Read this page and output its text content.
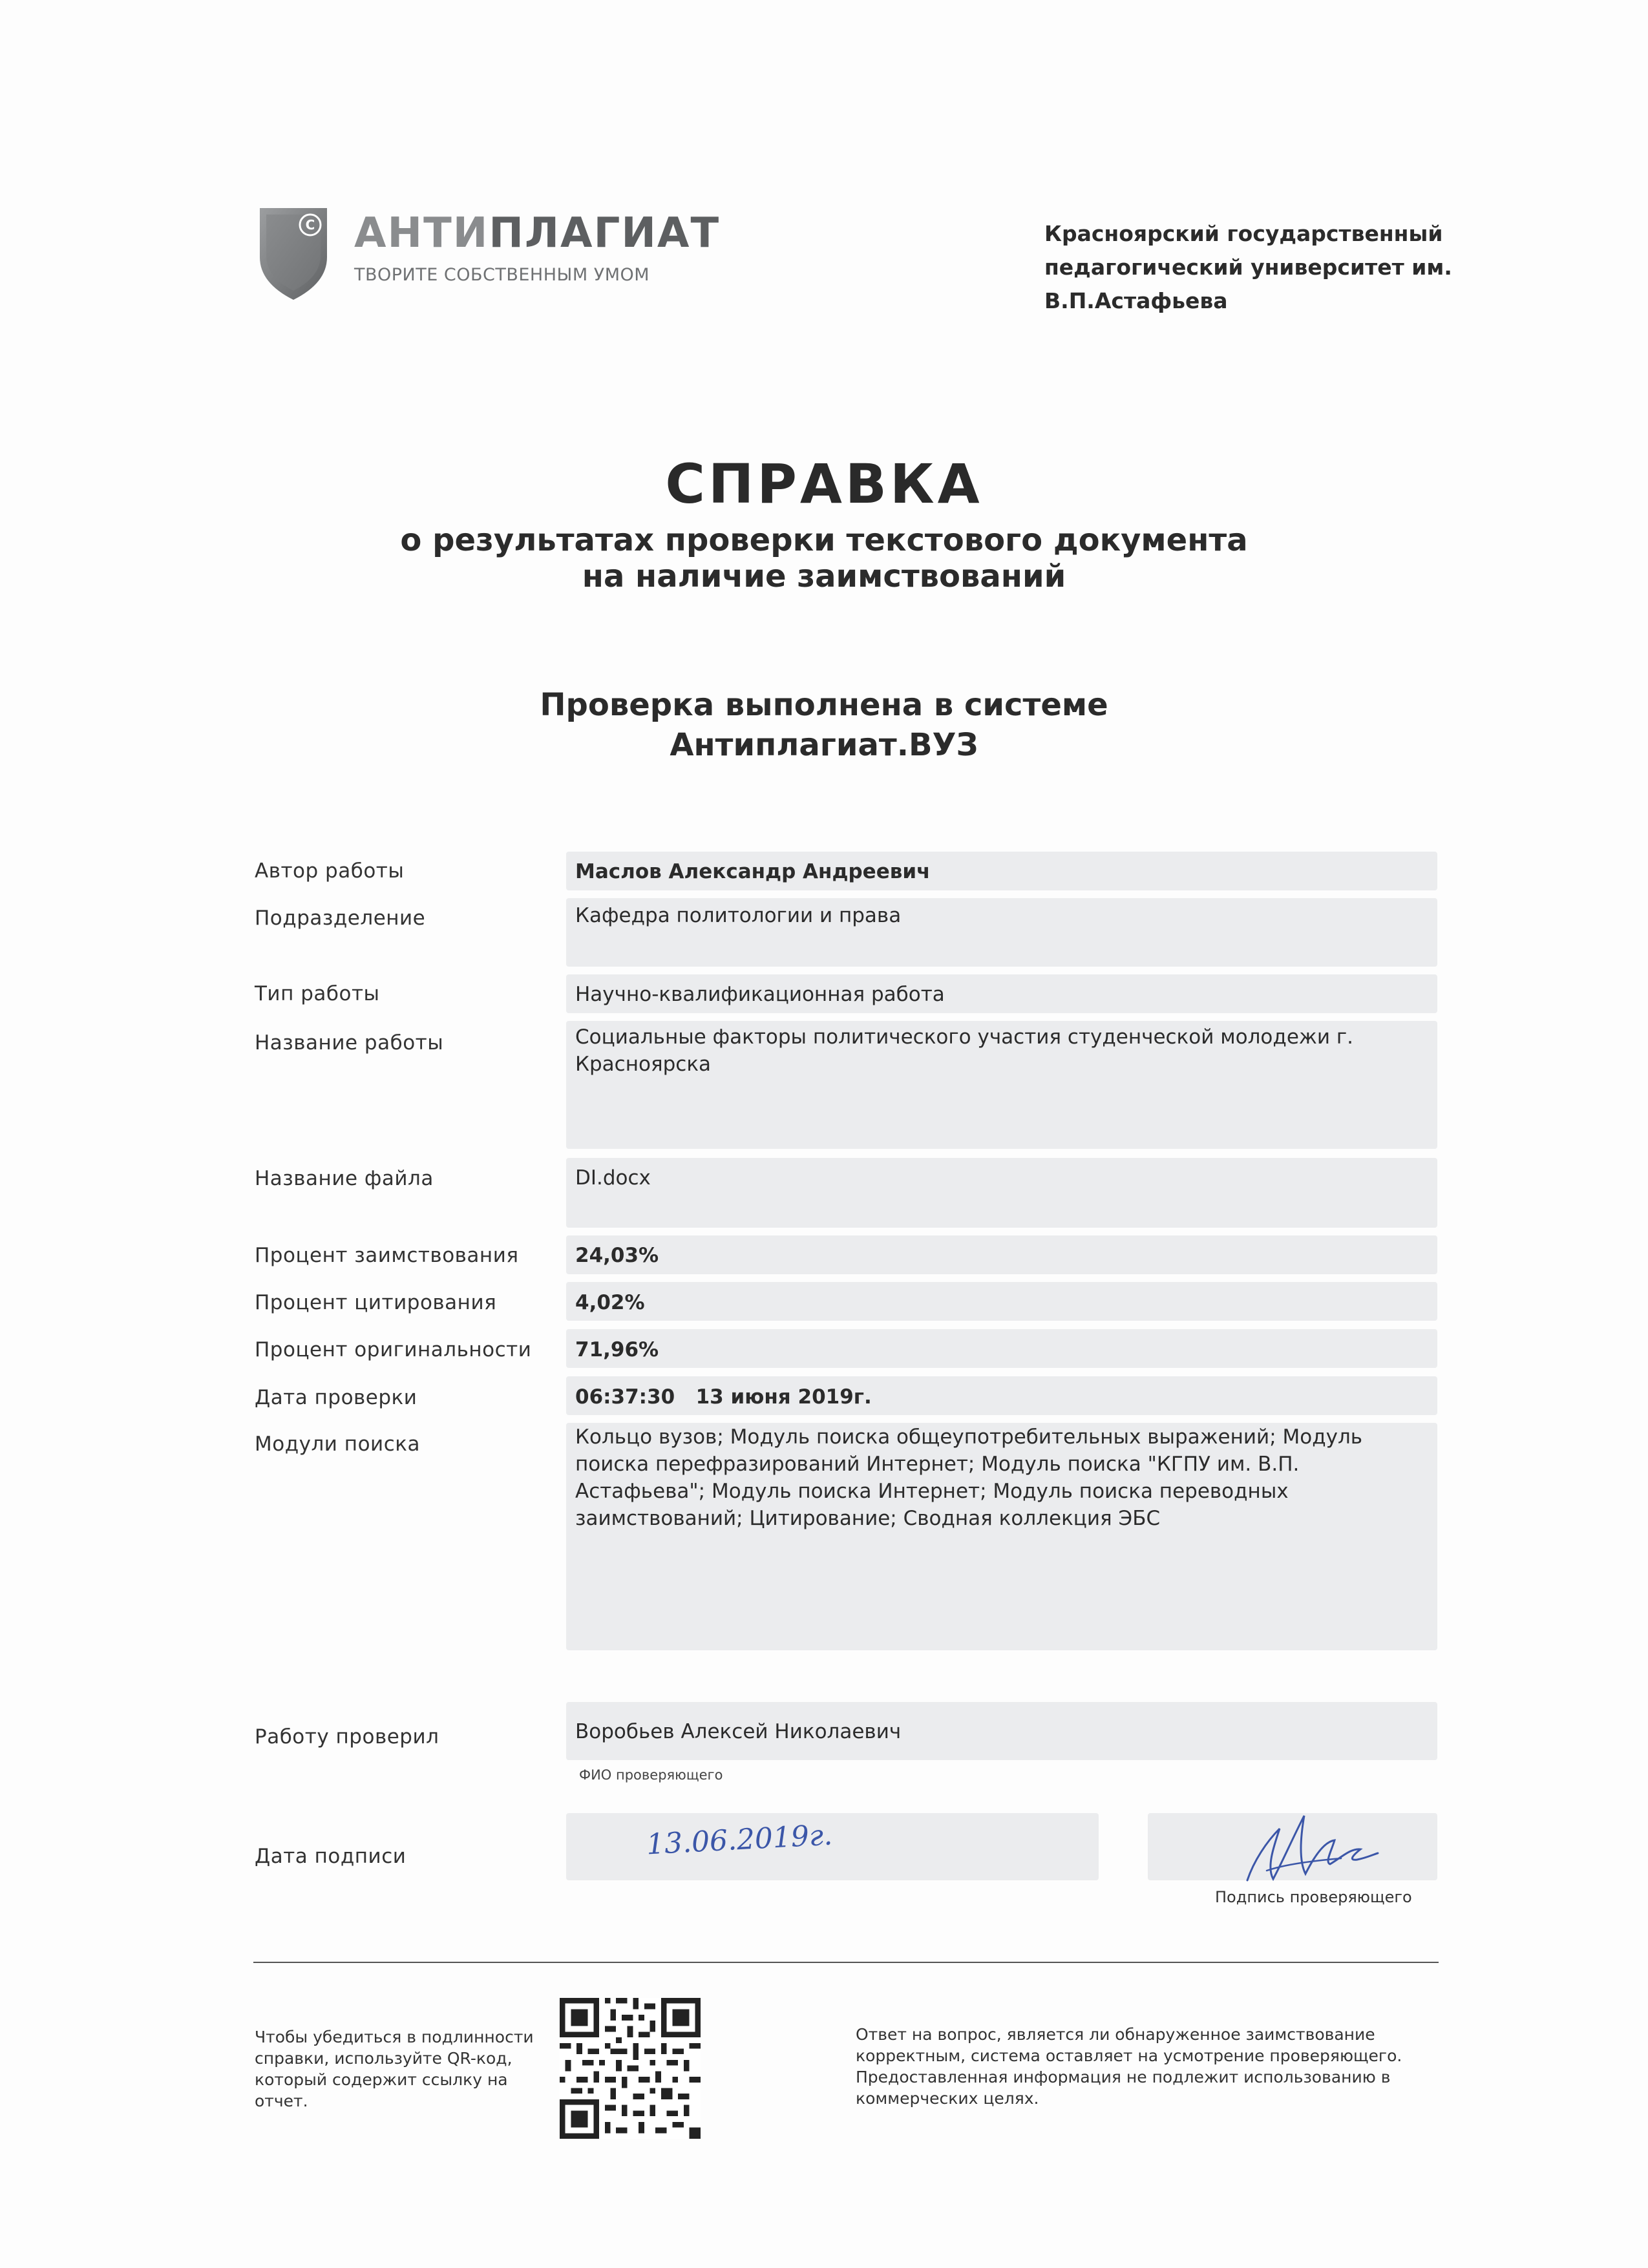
C АНТИПЛАГИАТ
ТВОРИТЕ СОБСТВЕННЫМ УМОМ
Красноярский государственный
педагогический университет им.
В.П.Астафьева
СПРАВКА
о результатах проверки текстового документа
на наличие заимствований
Проверка выполнена в системе
Антиплагиат.ВУЗ
Автор работы	Маслов Александр Андреевич
Подразделение	Кафедра политологии и права
Тип работы	Научно-квалификационная работа
Название работы	Социальные факторы политического участия студенческой молодежи г. Красноярска
Название файла	DI.docx
Процент заимствования	24,03%
Процент цитирования	4,02%
Процент оригинальности 71,96%
Дата проверки	06:37:30   13 июня 2019г.
Модули поиска	Кольцо вузов; Модуль поиска общеупотребительных выражений; Модуль поиска перефразирований Интернет; Модуль поиска "КГПУ им. В.П. Астафьева"; Модуль поиска Интернет; Модуль поиска переводных заимствований; Цитирование; Сводная коллекция ЭБС
Работу проверил	Воробьев Алексей Николаевич
ФИО проверяющего
Дата подписи	13.06.2019г.
Подпись проверяющего
Чтобы убедиться в подлинности справки, используйте QR-код, который содержит ссылку на отчет.
Ответ на вопрос, является ли обнаруженное заимствование корректным, система оставляет на усмотрение проверяющего. Предоставленная информация не подлежит использованию в коммерческих целях.
